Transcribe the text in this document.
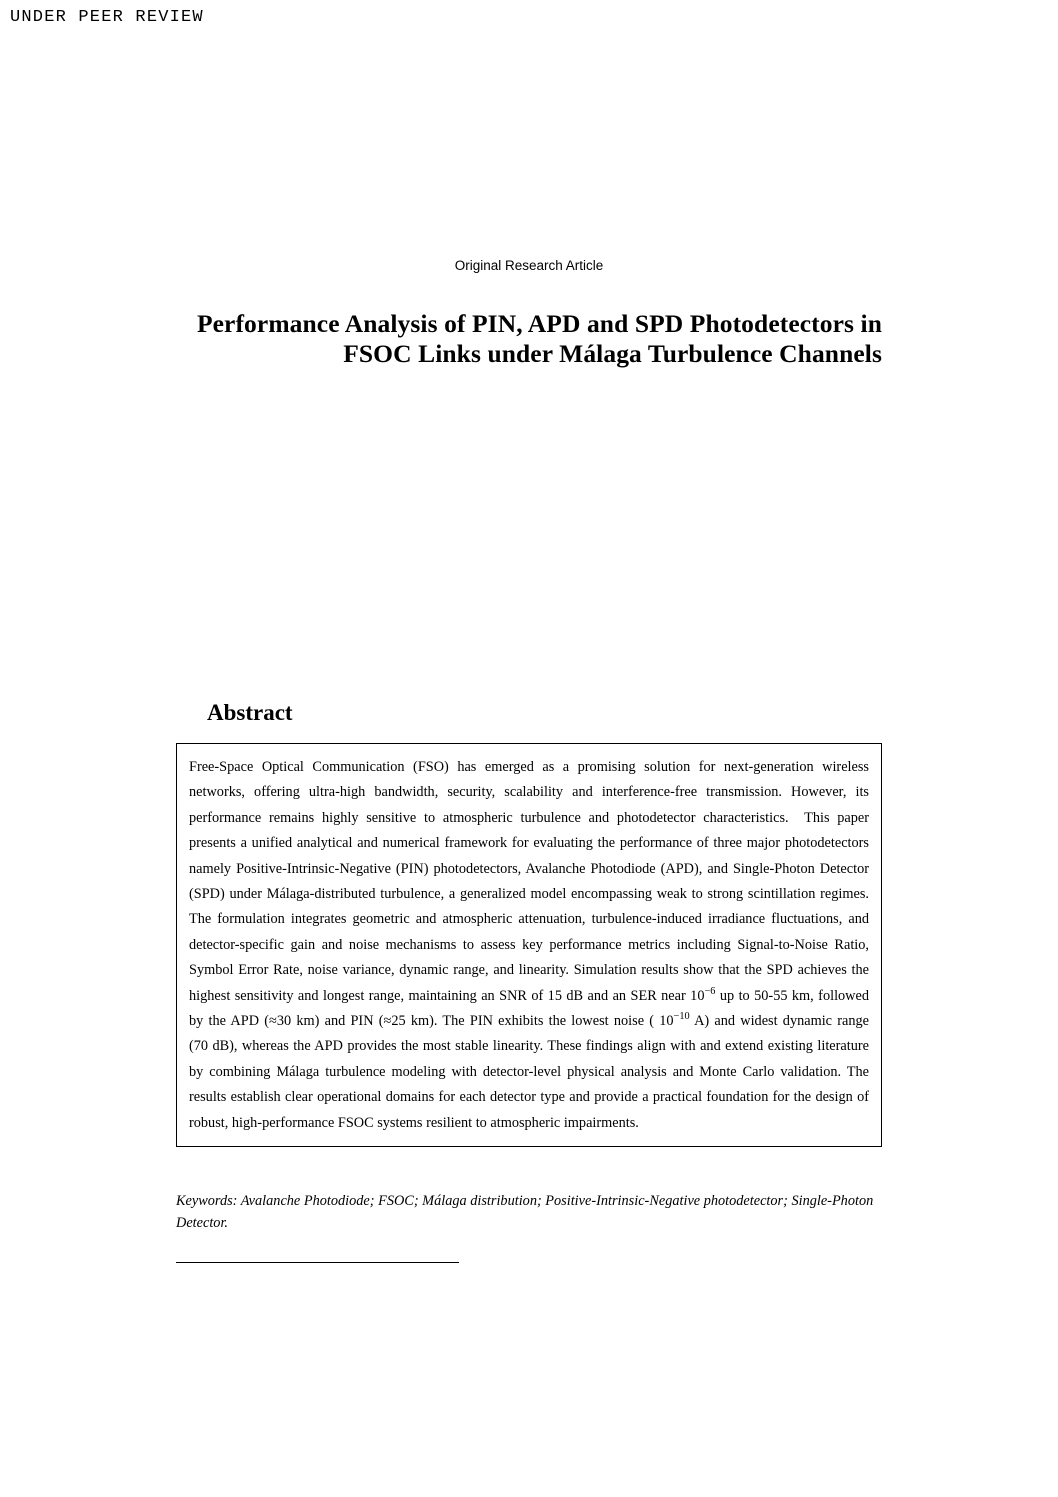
UNDER PEER REVIEW
Original Research Article
Performance Analysis of PIN, APD and SPD Photodetectors in FSOC Links under Málaga Turbulence Channels
Abstract

Free-Space Optical Communication (FSO) has emerged as a promising solution for next-generation wireless networks, offering ultra-high bandwidth, security, scalability and interference-free transmission. However, its performance remains highly sensitive to atmospheric turbulence and photodetector characteristics.  This paper presents a unified analytical and numerical framework for evaluating the performance of three major photodetectors namely Positive-Intrinsic-Negative (PIN) photodetectors, Avalanche Photodiode (APD), and Single-Photon Detector (SPD) under Málaga-distributed turbulence, a generalized model encompassing weak to strong scintillation regimes. The formulation integrates geometric and atmospheric attenuation, turbulence-induced irradiance fluctuations, and detector-specific gain and noise mechanisms to assess key performance metrics including Signal-to-Noise Ratio, Symbol Error Rate, noise variance, dynamic range, and linearity. Simulation results show that the SPD achieves the highest sensitivity and longest range, maintaining an SNR of 15 dB and an SER near $10^{-6}$ up to 50-55 km, followed by the APD (≈30 km) and PIN (≈25 km). The PIN exhibits the lowest noise ( $10^{-10}$ A) and widest dynamic range (70 dB), whereas the APD provides the most stable linearity. These findings align with and extend existing literature by combining Málaga turbulence modeling with detector-level physical analysis and Monte Carlo validation. The results establish clear operational domains for each detector type and provide a practical foundation for the design of robust, high-performance FSOC systems resilient to atmospheric impairments.

Keywords: Avalanche Photodiode; FSOC; Málaga distribution; Positive-Intrinsic-Negative photodetector; Single-Photon Detector.
